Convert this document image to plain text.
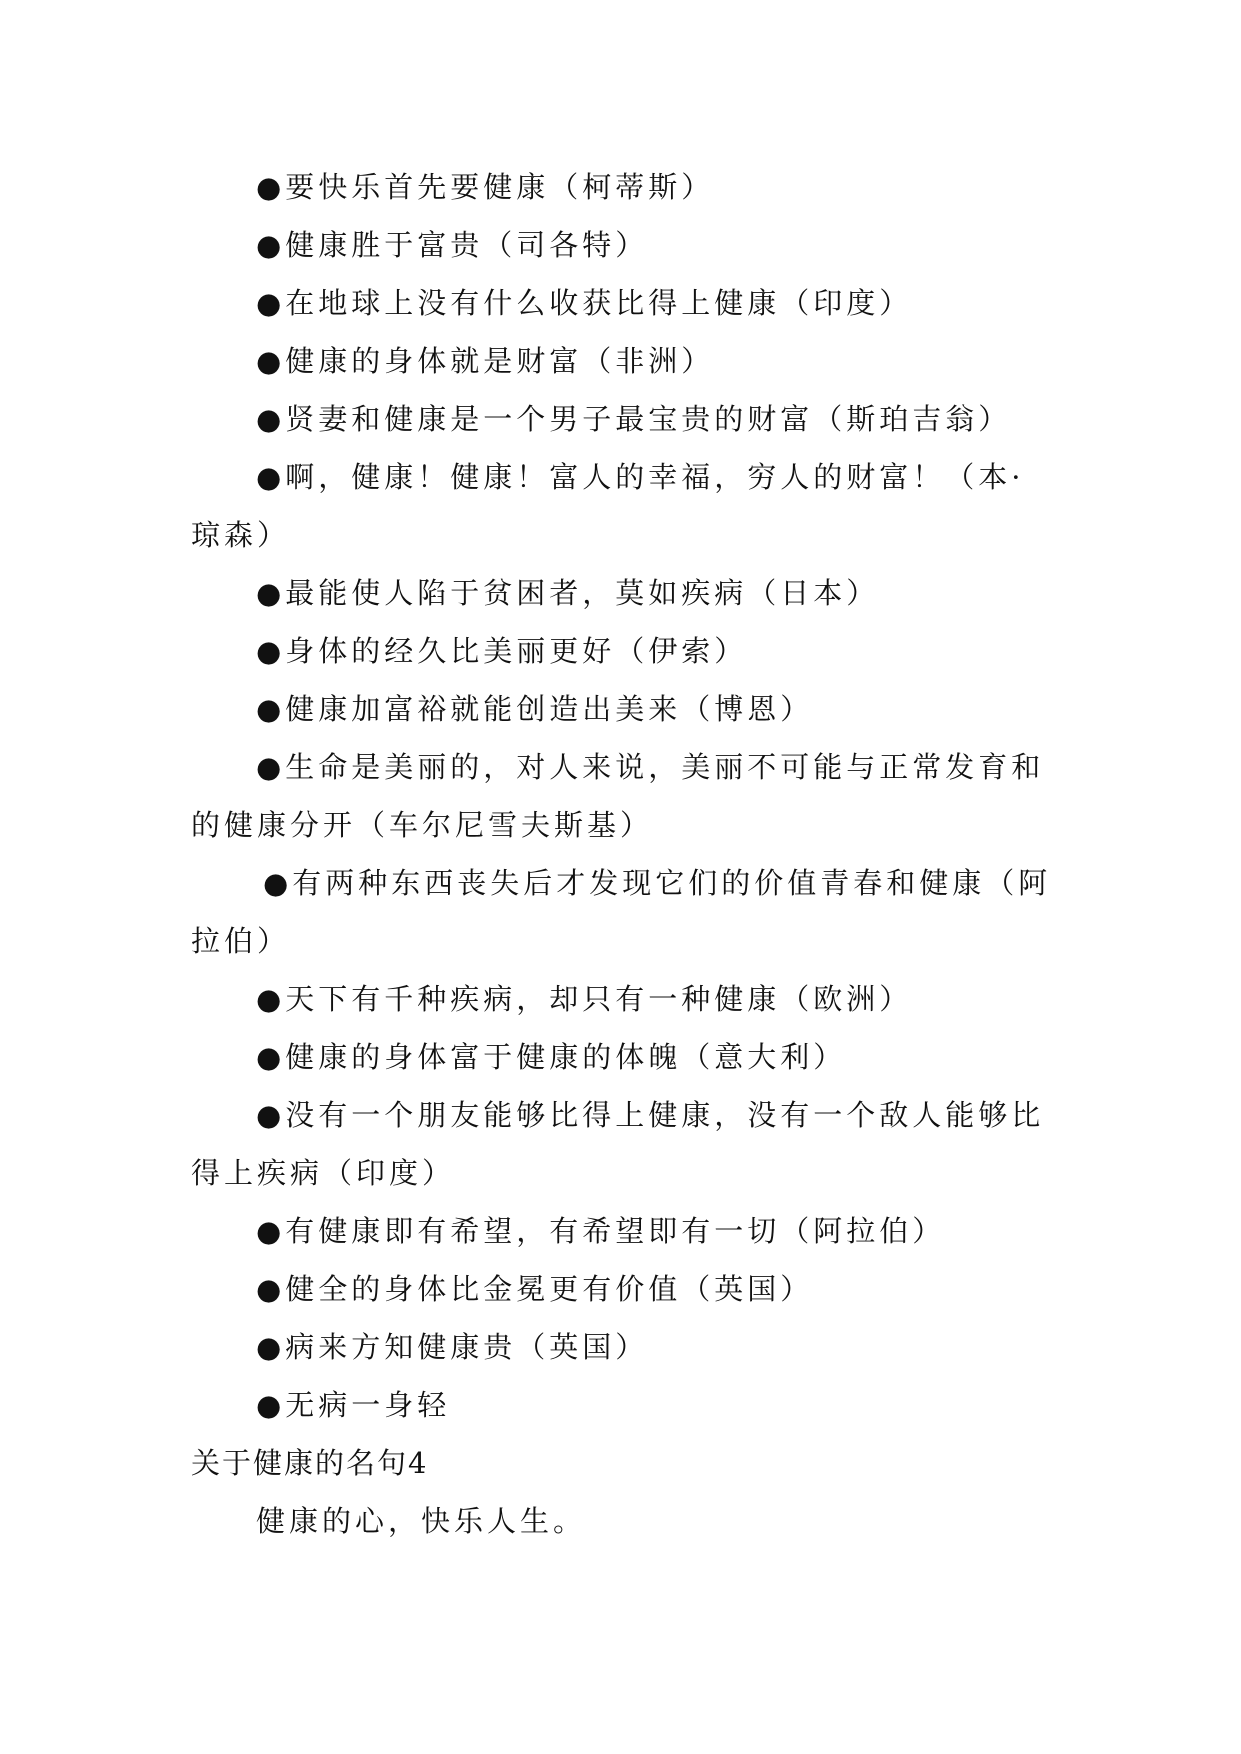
●要快乐首先要健康（柯蒂斯）

●健康胜于富贵（司各特）

●在地球上没有什么收获比得上健康（印度）

●健康的身体就是财富（非洲）

●贤妻和健康是一个男子最宝贵的财富（斯珀吉翁）

●啊，健康！健康！富人的幸福，穷人的财富！（本·琼森）

●最能使人陷于贫困者，莫如疾病（日本）

●身体的经久比美丽更好（伊索）

●健康加富裕就能创造出美来（博恩）

●生命是美丽的，对人来说，美丽不可能与正常发育和的健康分开（车尔尼雪夫斯基）

●有两种东西丧失后才发现它们的价值青春和健康（阿拉伯）

●天下有千种疾病，却只有一种健康（欧洲）

●健康的身体富于健康的体魄（意大利）

●没有一个朋友能够比得上健康，没有一个敌人能够比得上疾病（印度）

●有健康即有希望，有希望即有一切（阿拉伯）

●健全的身体比金冕更有价值（英国）

●病来方知健康贵（英国）

●无病一身轻

关于健康的名句4

健康的心，快乐人生。
